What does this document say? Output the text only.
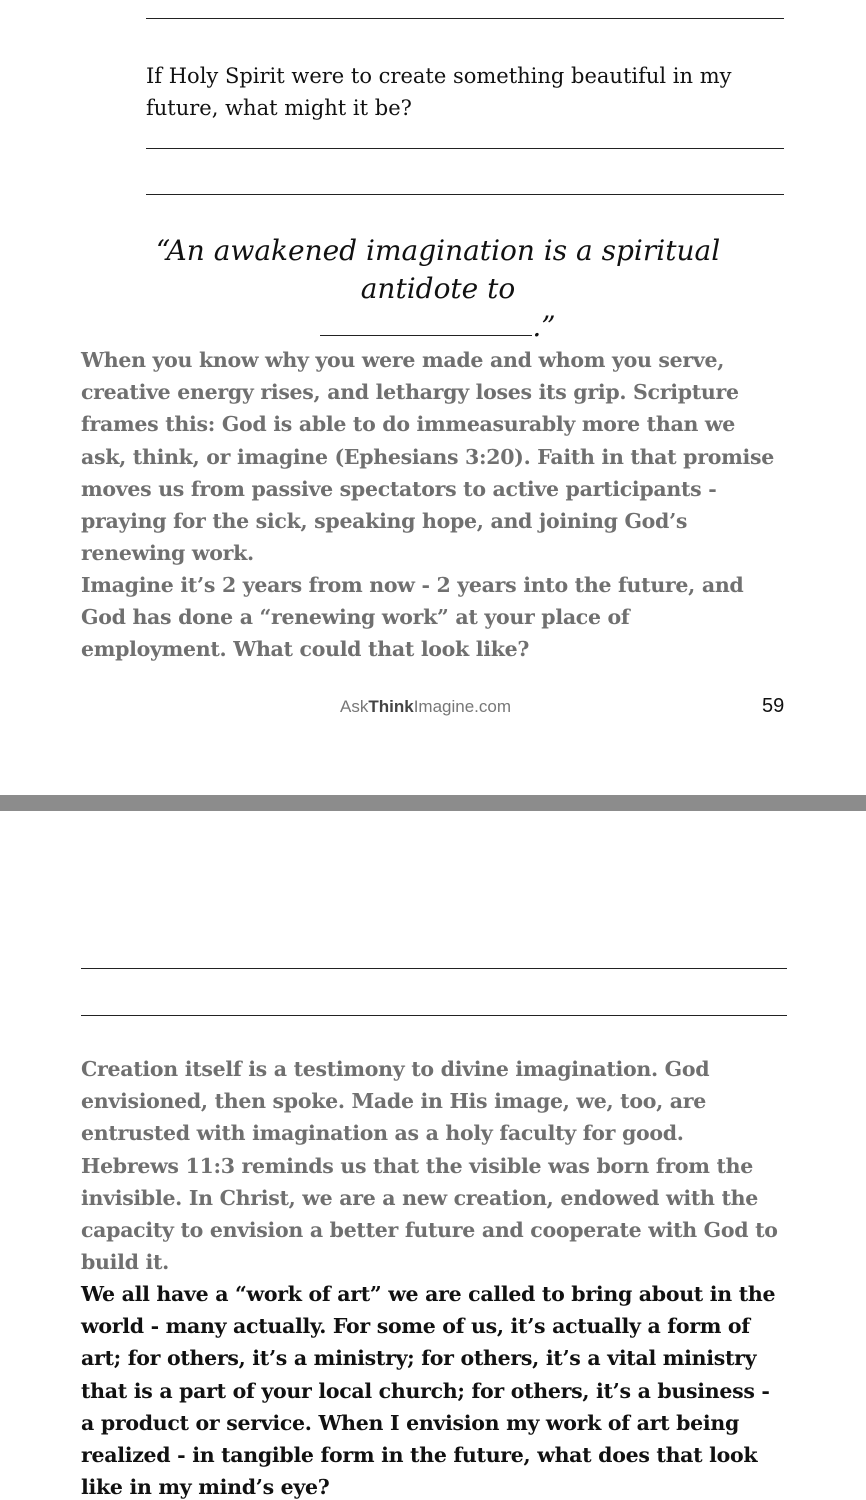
If Holy Spirit were to create something beautiful in my future, what might it be?
“An awakened imagination is a spiritual antidote to
.”
When you know why you were made and whom you serve, creative energy rises, and lethargy loses its grip. Scripture frames this: God is able to do immeasurably more than we ask, think, or imagine (Ephesians 3:20). Faith in that promise moves us from passive spectators to active participants - praying for the sick, speaking hope, and joining God’s renewing work.
Imagine it’s 2 years from now - 2 years into the future, and God has done a “renewing work” at your place of employment. What could that look like?
AskThinkImagine.com	59
Creation itself is a testimony to divine imagination. God envisioned, then spoke. Made in His image, we, too, are entrusted with imagination as a holy faculty for good. Hebrews 11:3 reminds us that the visible was born from the invisible. In Christ, we are a new creation, endowed with the capacity to envision a better future and cooperate with God to build it.
We all have a “work of art” we are called to bring about in the world - many actually. For some of us, it’s actually a form of art; for others, it’s a ministry; for others, it’s a vital ministry that is a part of your local church; for others, it’s a business - a product or service. When I envision my work of art being realized - in tangible form in the future, what does that look like in my mind’s eye?
